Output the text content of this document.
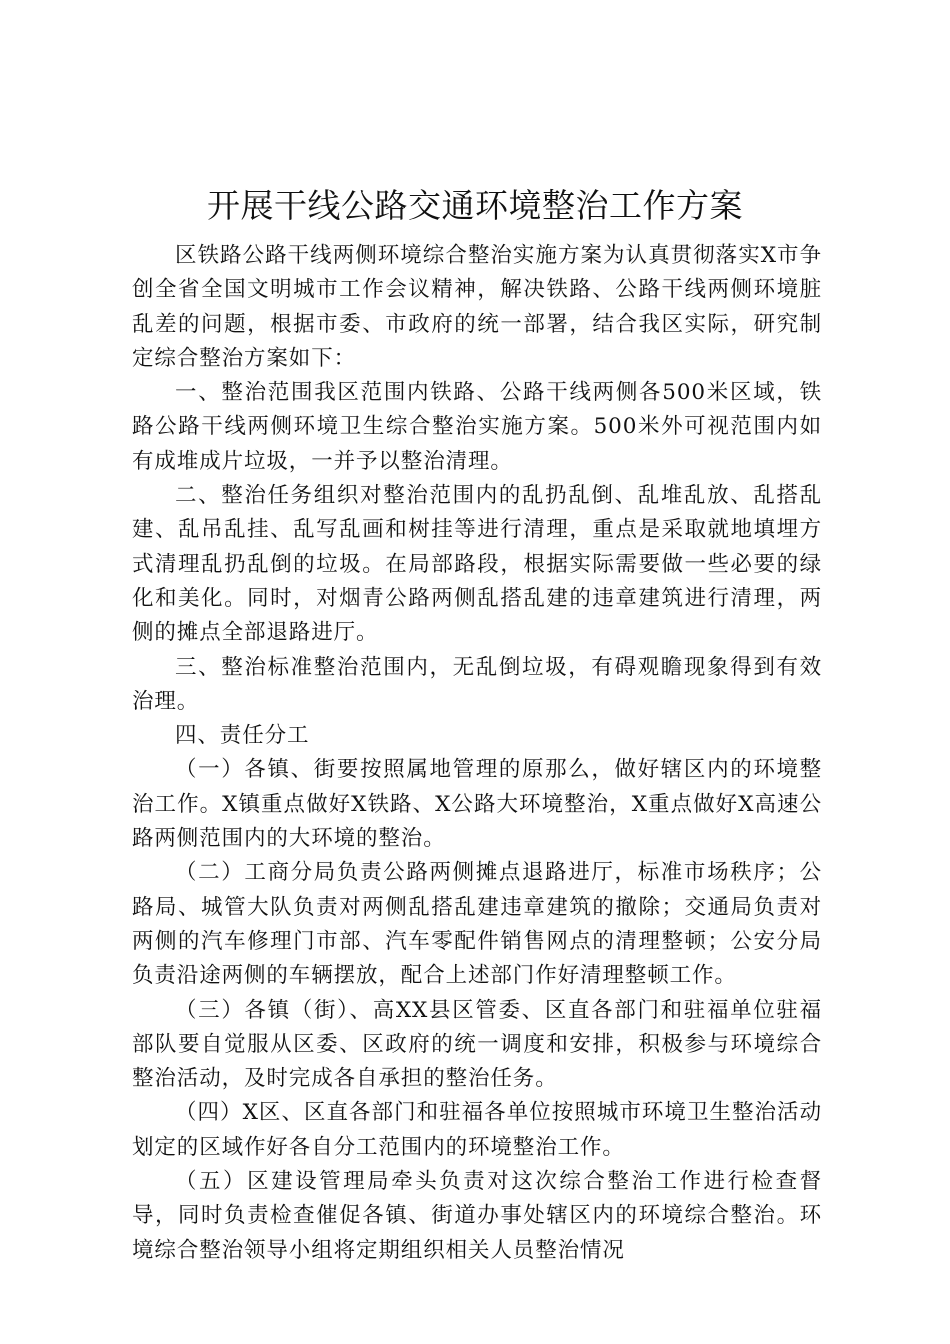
开展干线公路交通环境整治工作方案

区铁路公路干线两侧环境综合整治实施方案为认真贯彻落实X市争创全省全国文明城市工作会议精神，解决铁路、公路干线两侧环境脏乱差的问题，根据市委、市政府的统一部署，结合我区实际，研究制定综合整治方案如下：

一、整治范围我区范围内铁路、公路干线两侧各500米区域，铁路公路干线两侧环境卫生综合整治实施方案。500米外可视范围内如有成堆成片垃圾，一并予以整治清理。

二、整治任务组织对整治范围内的乱扔乱倒、乱堆乱放、乱搭乱建、乱吊乱挂、乱写乱画和树挂等进行清理，重点是采取就地填埋方式清理乱扔乱倒的垃圾。在局部路段，根据实际需要做一些必要的绿化和美化。同时，对烟青公路两侧乱搭乱建的违章建筑进行清理，两侧的摊点全部退路进厅。

三、整治标准整治范围内，无乱倒垃圾，有碍观瞻现象得到有效治理。

四、责任分工

（一）各镇、街要按照属地管理的原那么，做好辖区内的环境整治工作。X镇重点做好X铁路、X公路大环境整治，X重点做好X高速公路两侧范围内的大环境的整治。

（二）工商分局负责公路两侧摊点退路进厅，标准市场秩序；公路局、城管大队负责对两侧乱搭乱建违章建筑的撤除；交通局负责对两侧的汽车修理门市部、汽车零配件销售网点的清理整顿；公安分局负责沿途两侧的车辆摆放，配合上述部门作好清理整顿工作。

（三）各镇（街）、高XX县区管委、区直各部门和驻福单位驻福部队要自觉服从区委、区政府的统一调度和安排，积极参与环境综合整治活动，及时完成各自承担的整治任务。

（四）X区、区直各部门和驻福各单位按照城市环境卫生整治活动划定的区域作好各自分工范围内的环境整治工作。

（五）区建设管理局牵头负责对这次综合整治工作进行检查督导，同时负责检查催促各镇、街道办事处辖区内的环境综合整治。环境综合整治领导小组将定期组织相关人员整治情况
